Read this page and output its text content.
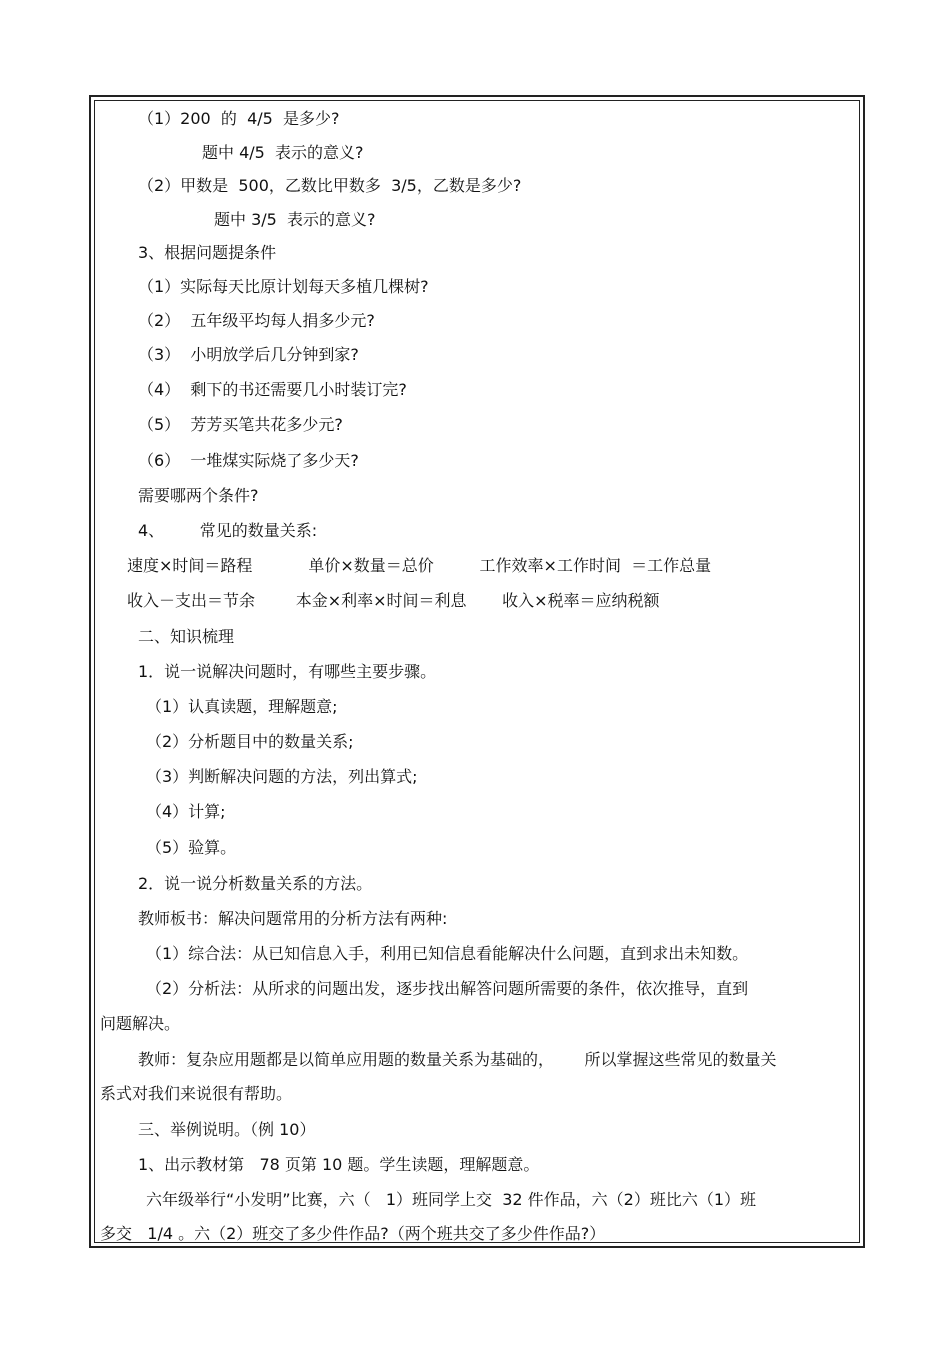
（1）200  的  4/5  是多少?
题中 4/5  表示的意义?
（2）甲数是  500，乙数比甲数多  3/5，乙数是多少?
题中 3/5  表示的意义?
3、根据问题提条件
（1）实际每天比原计划每天多植几棵树?
（2）  五年级平均每人捐多少元?
（3）  小明放学后几分钟到家?
（4）  剩下的书还需要几小时装订完?
（5）  芳芳买笔共花多少元?
（6）  一堆煤实际烧了多少天?
需要哪两个条件?
4、       常见的数量关系:
速度×时间＝路程           单价×数量＝总价         工作效率×工作时间  ＝工作总量
收入－支出＝节余        本金×利率×时间＝利息       收入×税率＝应纳税额
二、知识梳理
1．说一说解决问题时，有哪些主要步骤。
（1）认真读题，理解题意;
（2）分析题目中的数量关系;
（3）判断解决问题的方法，列出算式;
（4）计算;
（5）验算。
2．说一说分析数量关系的方法。
教师板书：解决问题常用的分析方法有两种:
（1）综合法：从已知信息入手，利用已知信息看能解决什么问题，直到求出未知数。
（2）分析法：从所求的问题出发，逐步找出解答问题所需要的条件，依次推导，直到
问题解决。
教师：复杂应用题都是以简单应用题的数量关系为基础的，      所以掌握这些常见的数量关
系式对我们来说很有帮助。
三、举例说明。（例 10）
1、出示教材第   78 页第 10 题。学生读题，理解题意。
六年级举行“小发明”比赛，六（   1）班同学上交  32 件作品，六（2）班比六（1）班
多交   1/4 。六（2）班交了多少件作品?（两个班共交了多少件作品?）
